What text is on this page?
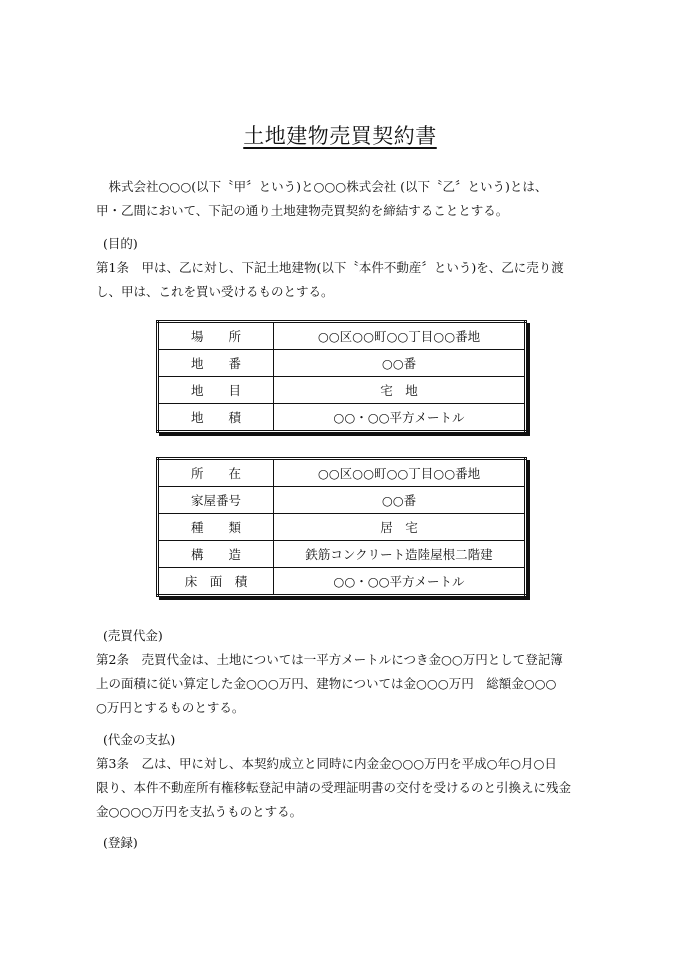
土地建物売買契約書
株式会社○○○(以下〝甲〞という)と○○○株式会社 (以下〝乙〞という)とは、
甲・乙間において、下記の通り土地建物売買契約を締結することとする。
(目的)
第1条　甲は、乙に対し、下記土地建物(以下〝本件不動産〞という)を、乙に売り渡
し、甲は、これを買い受けるものとする。
場　　所	○○区○○町○○丁目○○番地
地　　番	○○番
地　　目	宅　地
地　　積	○○・○○平方メートル
所　　在	○○区○○町○○丁目○○番地
家屋番号	○○番
種　　類	居　宅
構　　造	鉄筋コンクリート造陸屋根二階建
床　面　積	○○・○○平方メートル
(売買代金)
第2条　売買代金は、土地については一平方メートルにつき金○○万円として登記簿
上の面積に従い算定した金○○○万円、建物については金○○○万円　総額金○○○
○万円とするものとする。
(代金の支払)
第3条　乙は、甲に対し、本契約成立と同時に内金金○○○万円を平成○年○月○日
限り、本件不動産所有権移転登記申請の受理証明書の交付を受けるのと引換えに残金
金○○○○万円を支払うものとする。
(登録)
